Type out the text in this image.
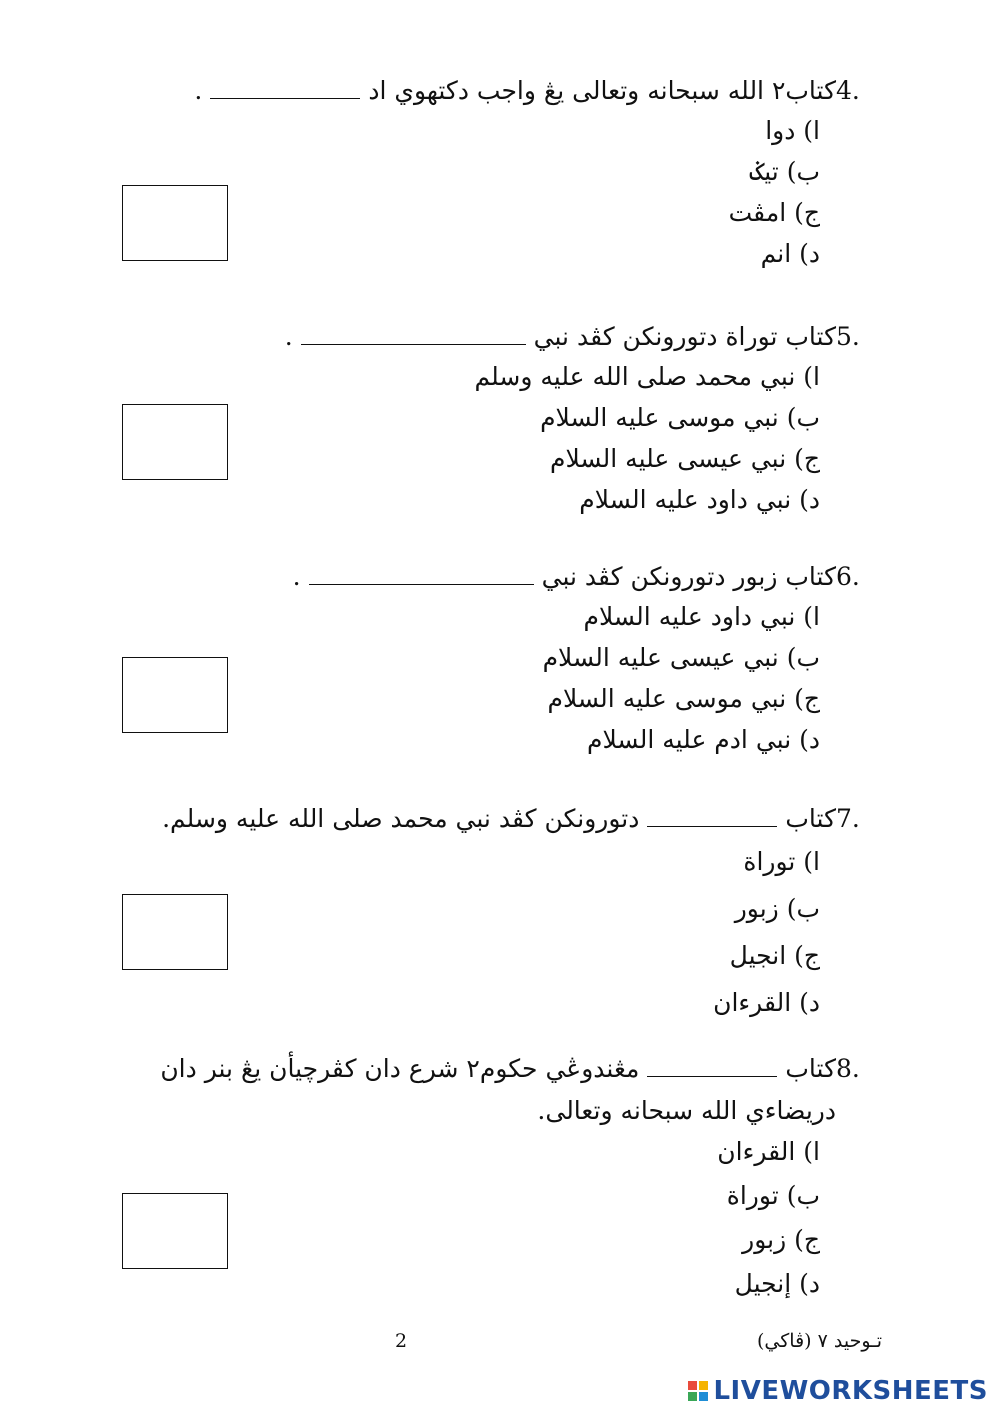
4.
كتاب٢ الله سبحانه وتعالى يڠ واجب دكتهوي اد
.
ا) دوا
ب) تيݢ
ج) امڤت
د) انم
5.
كتاب توراة دتورونكن كڤد نبي
.
ا) نبي محمد صلى الله عليه وسلم
ب) نبي موسى عليه السلام
ج) نبي عيسى عليه السلام
د) نبي داود عليه السلام
6.
كتاب زبور دتورونكن كڤد نبي
.
ا) نبي داود عليه السلام
ب) نبي عيسى عليه السلام
ج) نبي موسى عليه السلام
د) نبي ادم عليه السلام
7.
كتاب
دتورونكن كڤد نبي محمد صلى الله عليه وسلم.
ا) توراة
ب) زبور
ج) انجيل
د) القرءان
8.
كتاب
مڠندوڠي حكوم٢ شرع دان كڤرچيأن يڠ بنر دان
دريضاءي الله سبحانه وتعالى.
ا) القرءان
ب) توراة
ج) زبور
د) إنجيل
تـوحيد ٧ (ڤاكي)
2
LIVEWORKSHEETS
